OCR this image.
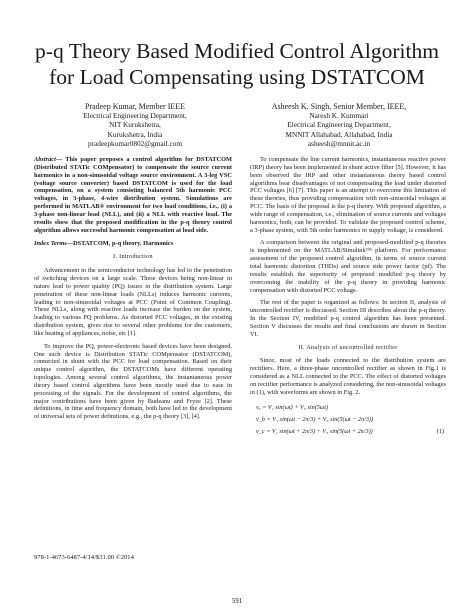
p-q Theory Based Modified Control Algorithm for Load Compensating using DSTATCOM
Pradeep Kumar, Member IEEE
Electrical Engineering Department,
NIT Kurukshetra,
Kurukshetra, India
pradeepkumar0802@gmail.com
Asheesh K. Singh, Senior Member, IEEE,
Naresh K. Kummari
Electrical Engineering Department,
MNNIT Allahabad, Allahabad, India
asheesh@mnnit.ac.in

Abstract— This paper proposes a control algorithm for DSTATCOM (Distributed STATic COMpensator) to compensate the source current harmonics in a non-sinusoidal voltage source environment. A 3-leg VSC (voltage source converter) based DSTATCOM is used for the load compensation, on a system consisting balanced 5th harmonic PCC voltages, in 3-phase, 4-wire distribution system. Simulations are performed in MATLAB® environment for two load conditions, i.e., (i) a 3-phase non-linear load (NLL), and (ii) a NLL with reactive load. The results show that the proposed modification in the p-q theory control algorithm allows successful harmonic compensation at load side.

Index Terms—DSTATCOM, p-q theory, Harmonics

I. Introduction

Advancement in the semiconductor technology has led to the penetration of switching devices on a large scale. These devices being non-linear in nature lead to power quality (PQ) issues in the distribution system. Large penetration of these non-linear loads (NLLs) induces harmonic currents, leading to non-sinusoidal voltages at PCC (Point of Common Coupling). These NLLs, along with reactive loads increase the burden on the system, leading to various PQ problems. As distorted PCC voltages, in the existing distribution system, gives rise to several other problems for the customers, like heating of appliances, noise, etc [1].

To improve the PQ, power-electronic based devices have been designed. One such device is Distribution STATic COMpensator (DSTATCOM), connected in shunt with the PCC for load compensation. Based on their unique control algorithm, the DSTATCOMs have different operating topologies. Among several control algorithms, the instantaneous power theory based control algorithms have been mostly used due to ease in processing of the signals. For the development of control algorithms, the major contributions have been given by Budeanu and Fryze [2]. These definitions, in time and frequency domain, both have led to the development of universal sets of power definitions, e.g., the p-q theory [3], [4].

To compensate the line current harmonics, instantaneous reactive power (IRP) theory has been implemented in shunt active filter [5]. However, it has been observed the IRP and other instantaneous theory based control algorithms bear disadvantages of not compensating the load under distorted PCC voltages [6] [7]. This paper is an attempt to overcome this limitation of these theories, thus providing compensation with non-sinusoidal voltages at PCC. The basis of the proposal is the p-q theory. With proposed algorithm, a wide range of compensation, i.e., elimination of source currents and voltages harmonics, both, can be provided. To validate the proposed control scheme, a 3-phase system, with 5th order harmonics in supply voltage, is considered.

A comparison between the original and proposed-modified p-q theories is implemented on the MATLAB/Simulink™ platform. For performance assessment of the proposed control algorithm, in terms of source current total harmonic distortion (THDs) and source side power factor (pf). The results establish the superiority of proposed modified p-q theory by overcoming the inability of the p-q theory in providing harmonic compensation with distorted PCC voltage.

The rest of the paper is organized as follows: In section II, analysis of uncontrolled rectifier is discussed. Section III describes about the p-q theory. In the Section IV, modified p-q control algorithm has been presented. Section V discusses the results and final conclusions are drawn in Section VI.

II. Analysis of uncontrolled rectifier

Since, most of the loads connected to the distribution system are rectifiers. Here, a three-phase uncontrolled rectifier as shown in Fig.1 is considered as a NLL connected to the PCC. The effect of distorted voltages on rectifier performance is analyzed considering, the non-sinusoidal voltages in (1), with waveforms are shown in Fig. 2.

vₐ = V₁ sin(ωt) + V₅ sin(5ωt)
v_b = V₁ sin(ωt − 2π/3) + V₅ sin(5(ωt − 2π/3))
v_c = V₁ sin(ωt + 2π/3) + V₅ sin(5(ωt + 2π/3))	(1)
978-1-4673-6487-4/14/$31.00 ©2014
591
